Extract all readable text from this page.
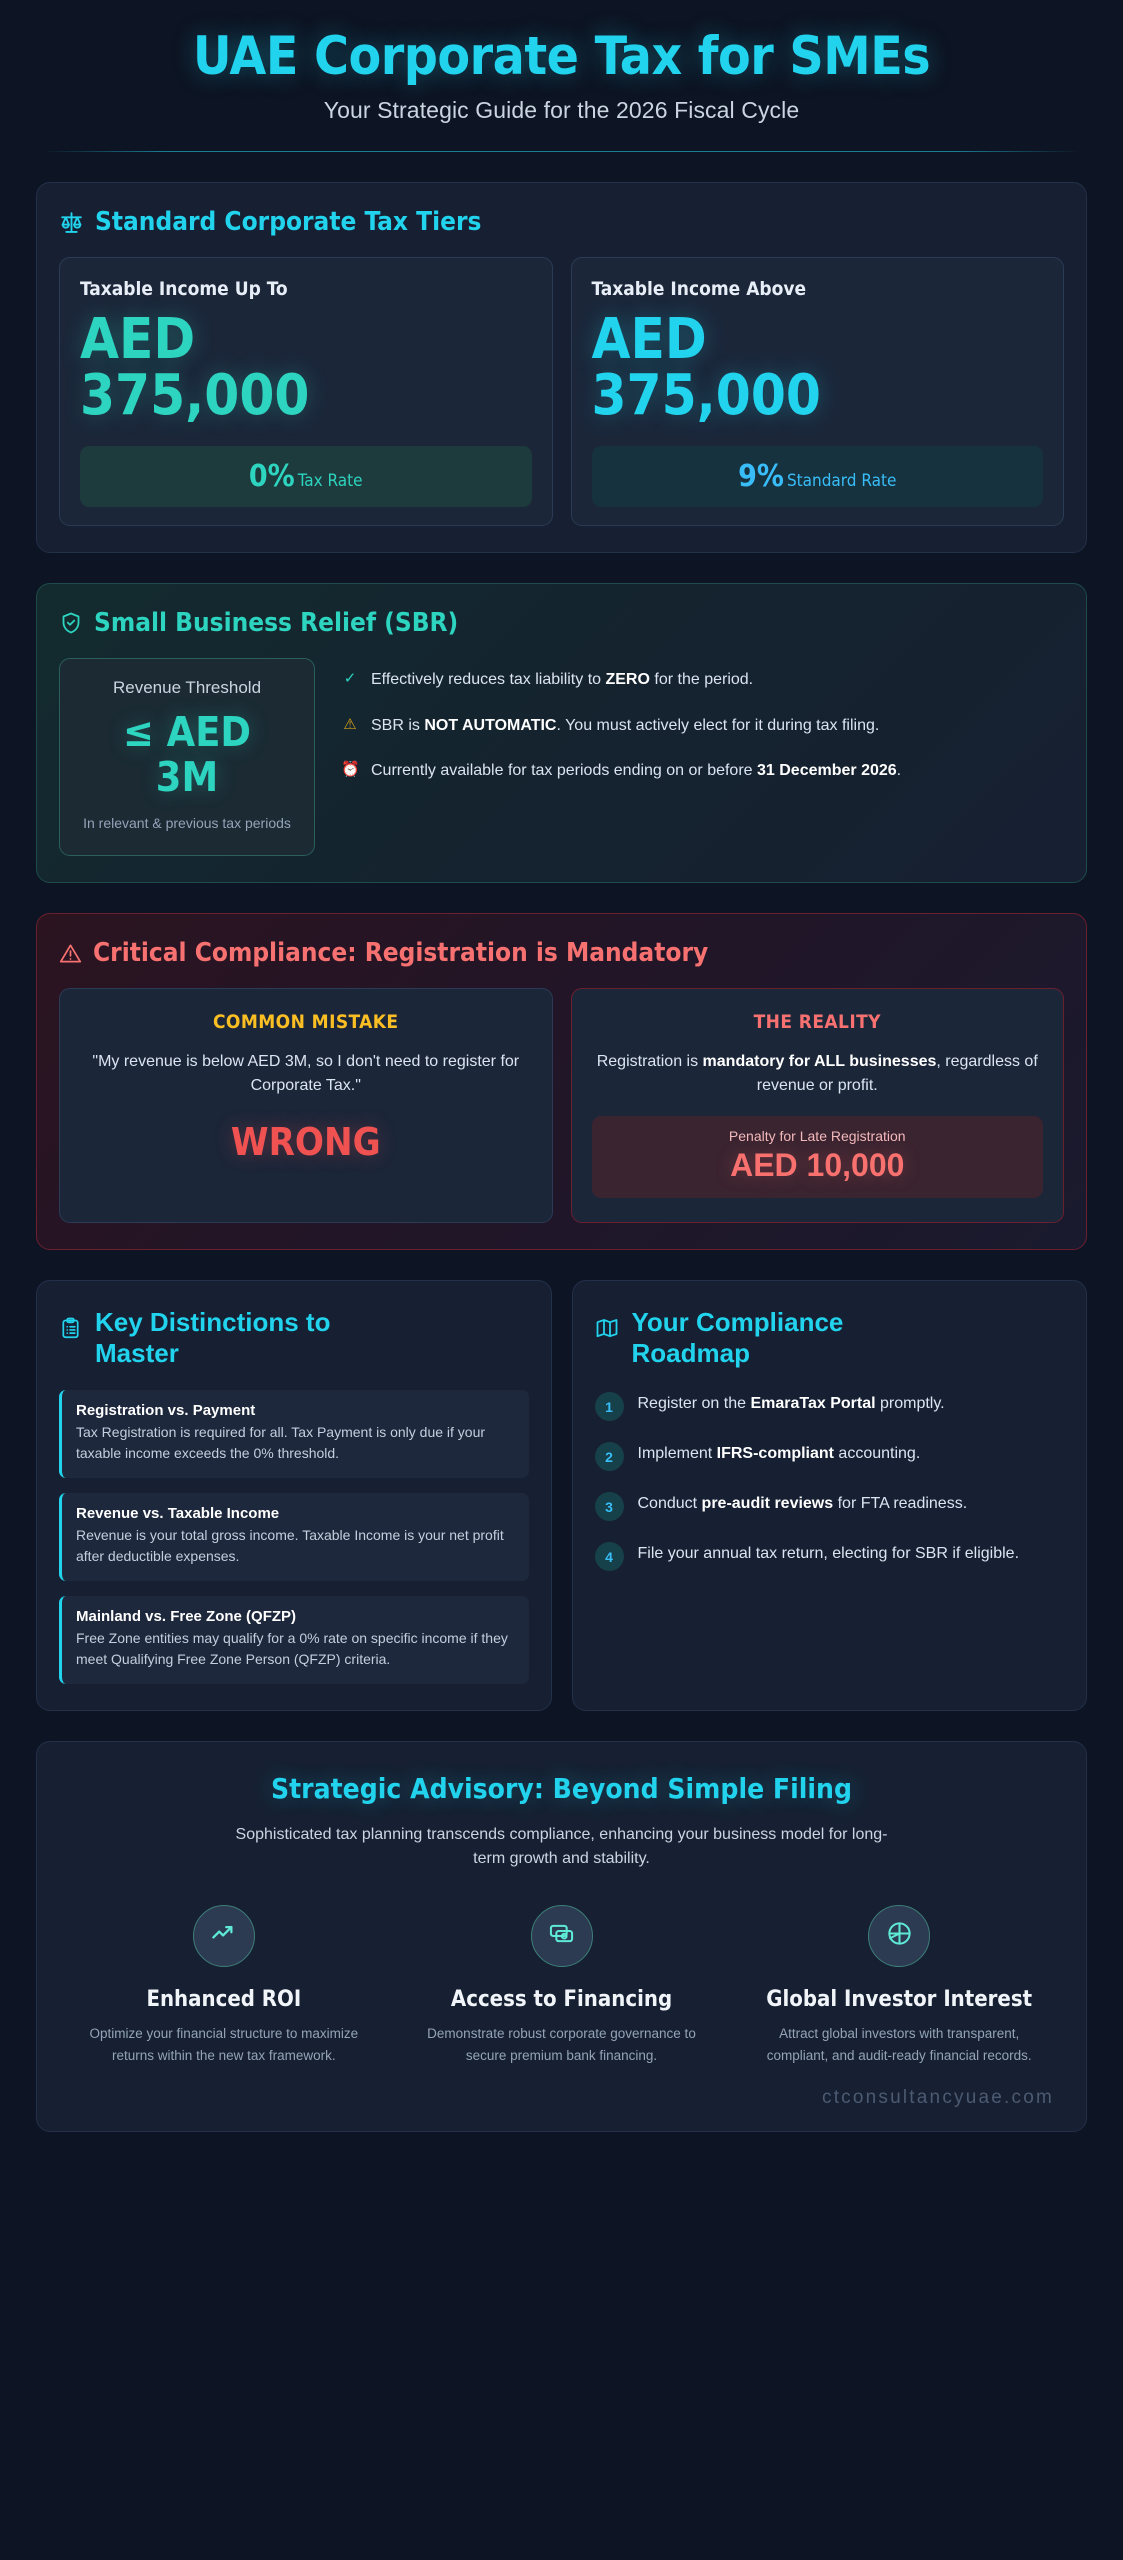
UAE Corporate Tax for SMEs
Your Strategic Guide for the 2026 Fiscal Cycle
Standard Corporate Tax Tiers
Taxable Income Up To
AED
375,000
0% Tax Rate
Taxable Income Above
AED
375,000
9% Standard Rate
Small Business Relief (SBR)
Revenue Threshold
≤ AED
3M
In relevant & previous tax periods
✓ Effectively reduces tax liability to ZERO for the period.
⚠ SBR is NOT AUTOMATIC. You must actively elect for it during tax filing.
⏰ Currently available for tax periods ending on or before 31 December 2026.
Critical Compliance: Registration is Mandatory
COMMON MISTAKE
"My revenue is below AED 3M, so I don't need to register for Corporate Tax."
WRONG
THE REALITY
Registration is mandatory for ALL businesses, regardless of revenue or profit.
Penalty for Late Registration
AED 10,000
Key Distinctions to Master
Registration vs. Payment
Tax Registration is required for all. Tax Payment is only due if your taxable income exceeds the 0% threshold.
Revenue vs. Taxable Income
Revenue is your total gross income. Taxable Income is your net profit after deductible expenses.
Mainland vs. Free Zone (QFZP)
Free Zone entities may qualify for a 0% rate on specific income if they meet Qualifying Free Zone Person (QFZP) criteria.
Your Compliance Roadmap
1	Register on the EmaraTax Portal promptly.
2	Implement IFRS-compliant accounting.
3	Conduct pre-audit reviews for FTA readiness.
4	File your annual tax return, electing for SBR if eligible.
Strategic Advisory: Beyond Simple Filing
Sophisticated tax planning transcends compliance, enhancing your business model for long-term growth and stability.
Enhanced ROI
Optimize your financial structure to maximize returns within the new tax framework.
Access to Financing
Demonstrate robust corporate governance to secure premium bank financing.
Global Investor Interest
Attract global investors with transparent, compliant, and audit-ready financial records.
ctconsultancyuae.com
